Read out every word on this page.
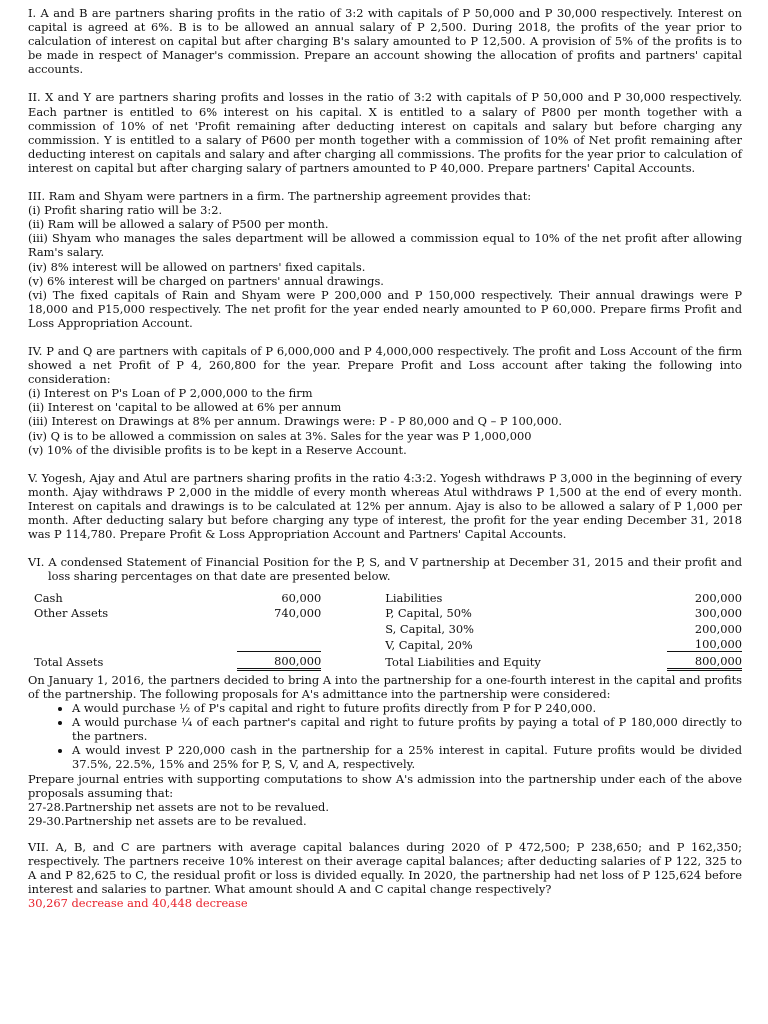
I. A and B are partners sharing profits in the ratio of 3:2 with capitals of P 50,000 and P 30,000 respectively. Interest on capital is agreed at 6%. B is to be allowed an annual salary of P 2,500. During 2018, the profits of the year prior to calculation of interest on capital but after charging B's salary amounted to P 12,500. A provision of 5% of the profits is to be made in respect of Manager's commission. Prepare an account showing the allocation of profits and partners' capital accounts.

II. X and Y are partners sharing profits and losses in the ratio of 3:2 with capitals of P 50,000 and P 30,000 respectively. Each partner is entitled to 6% interest on his capital. X is entitled to a salary of P800 per month together with a commission of 10% of net 'Profit remaining after deducting interest on capitals and salary but before charging any commission. Y is entitled to a salary of P600 per month together with a commission of 10% of Net profit remaining after deducting interest on capitals and salary and after charging all commissions. The profits for the year prior to calculation of interest on capital but after charging salary of partners amounted to P 40,000. Prepare partners' Capital Accounts.

III. Ram and Shyam were partners in a firm. The partnership agreement provides that:

(i) Profit sharing ratio will be 3:2.

(ii) Ram will be allowed a salary of P500 per month.

(iii) Shyam who manages the sales department will be allowed a commission equal to 10% of the net profit after allowing Ram's salary.

(iv) 8% interest will be allowed on partners' fixed capitals.

(v) 6% interest will be charged on partners' annual drawings.

(vi) The fixed capitals of Rain and Shyam were P 200,000 and P 150,000 respectively. Their annual drawings were P 18,000 and P15,000 respectively. The net profit for the year ended nearly amounted to P 60,000. Prepare firms Profit and Loss Appropriation Account.

IV. P and Q are partners with capitals of P 6,000,000 and P 4,000,000 respectively. The profit and Loss Account of the firm showed a net Profit of P 4, 260,800 for the year. Prepare Profit and Loss account after taking the following into consideration:

(i) Interest on P's Loan of P 2,000,000 to the firm

(ii) Interest on 'capital to be allowed at 6% per annum

(iii) Interest on Drawings at 8% per annum. Drawings were: P - P 80,000 and Q – P 100,000.

(iv) Q is to be allowed a commission on sales at 3%. Sales for the year was P 1,000,000

(v) 10% of the divisible profits is to be kept in a Reserve Account.

V. Yogesh, Ajay and Atul are partners sharing profits in the ratio 4:3:2. Yogesh withdraws P 3,000 in the beginning of every month. Ajay withdraws P 2,000 in the middle of every month whereas Atul withdraws P 1,500 at the end of every month. Interest on capitals and drawings is to be calculated at 12% per annum. Ajay is also to be allowed a salary of P 1,000 per month. After deducting salary but before charging any type of interest, the profit for the year ending December 31, 2018 was P 114,780. Prepare Profit & Loss Appropriation Account and Partners' Capital Accounts.

VI. A condensed Statement of Financial Position for the P, S, and V partnership at December 31, 2015 and their profit and loss sharing percentages on that date are presented below.

Cash	60,000	Liabilities	200,000
Other Assets	740,000	P, Capital, 50%	300,000
		S, Capital, 30%	200,000
		V, Capital, 20%	100,000
Total Assets	800,000	Total Liabilities and Equity	800,000

On January 1, 2016, the partners decided to bring A into the partnership for a one-fourth interest in the capital and profits of the partnership. The following proposals for A's admittance into the partnership were considered:

• A would purchase ½ of P's capital and right to future profits directly from P for P 240,000.
• A would purchase ¼ of each partner's capital and right to future profits by paying a total of P 180,000 directly to the partners.
• A would invest P 220,000 cash in the partnership for a 25% interest in capital. Future profits would be divided 37.5%, 22.5%, 15% and 25% for P, S, V, and A, respectively.

Prepare journal entries with supporting computations to show A's admission into the partnership under each of the above proposals assuming that:

27-28.Partnership net assets are not to be revalued.

29-30.Partnership net assets are to be revalued.

VII. A, B, and C are partners with average capital balances during 2020 of P 472,500; P 238,650; and P 162,350; respectively. The partners receive 10% interest on their average capital balances; after deducting salaries of P 122, 325 to A and P 82,625 to C, the residual profit or loss is divided equally. In 2020, the partnership had net loss of P 125,624 before interest and salaries to partner. What amount should A and C capital change respectively?

30,267 decrease and 40,448 decrease
